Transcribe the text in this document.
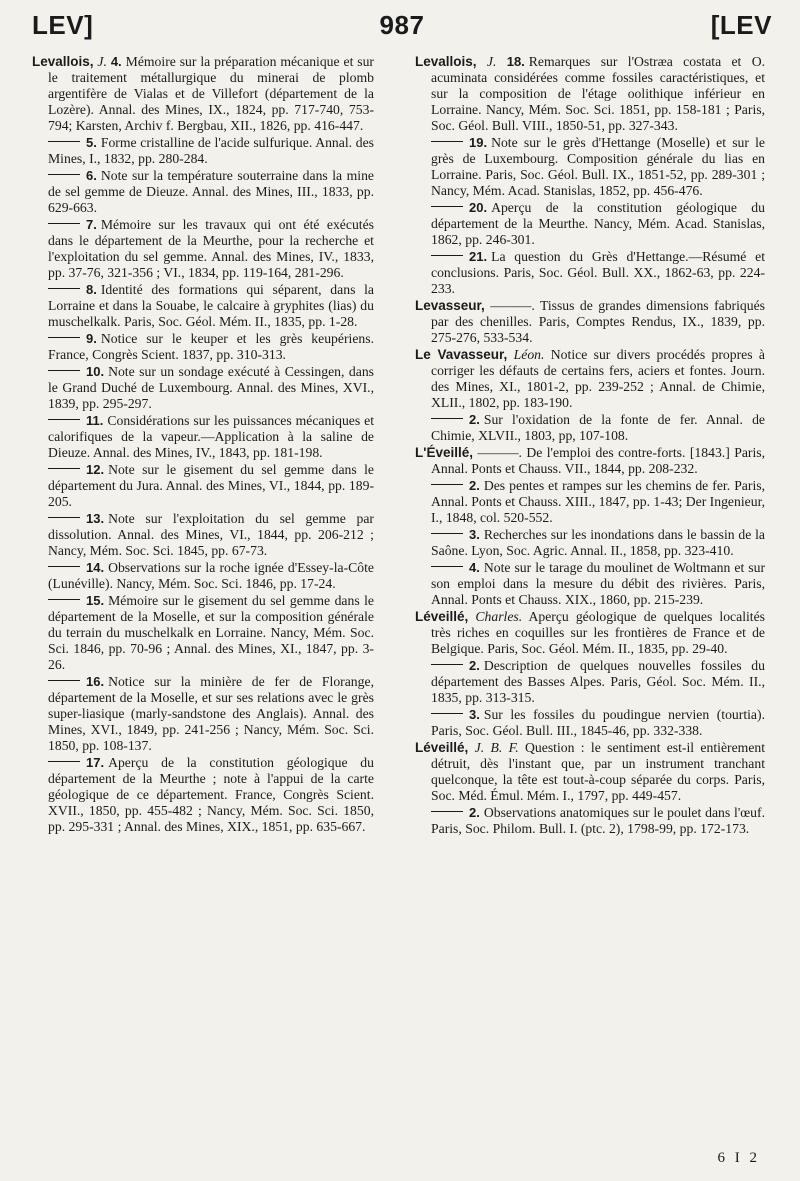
LEV]	987	[LEV

Levallois, J. 4. Mémoire sur la préparation mécanique et sur le traitement métallurgique du minerai de plomb argentifère de Vialas et de Villefort (département de la Lozère). Annal. des Mines, IX., 1824, pp. 717-740, 753-794; Karsten, Archiv f. Bergbau, XII., 1826, pp. 416-447.

5. Forme cristalline de l'acide sulfurique. Annal. des Mines, I., 1832, pp. 280-284.

6. Note sur la température souterraine dans la mine de sel gemme de Dieuze. Annal. des Mines, III., 1833, pp. 629-663.

7. Mémoire sur les travaux qui ont été exécutés dans le département de la Meurthe, pour la recherche et l'exploitation du sel gemme. Annal. des Mines, IV., 1833, pp. 37-76, 321-356 ; VI., 1834, pp. 119-164, 281-296.

8. Identité des formations qui séparent, dans la Lorraine et dans la Souabe, le calcaire à gryphites (lias) du muschelkalk. Paris, Soc. Géol. Mém. II., 1835, pp. 1-28.

9. Notice sur le keuper et les grès keupériens. France, Congrès Scient. 1837, pp. 310-313.

10. Note sur un sondage exécuté à Cessingen, dans le Grand Duché de Luxembourg. Annal. des Mines, XVI., 1839, pp. 295-297.

11. Considérations sur les puissances mécaniques et calorifiques de la vapeur.—Application à la saline de Dieuze. Annal. des Mines, IV., 1843, pp. 181-198.

12. Note sur le gisement du sel gemme dans le département du Jura. Annal. des Mines, VI., 1844, pp. 189-205.

13. Note sur l'exploitation du sel gemme par dissolution. Annal. des Mines, VI., 1844, pp. 206-212 ; Nancy, Mém. Soc. Sci. 1845, pp. 67-73.

14. Observations sur la roche ignée d'Essey-la-Côte (Lunéville). Nancy, Mém. Soc. Sci. 1846, pp. 17-24.

15. Mémoire sur le gisement du sel gemme dans le département de la Moselle, et sur la composition générale du terrain du muschelkalk en Lorraine. Nancy, Mém. Soc. Sci. 1846, pp. 70-96 ; Annal. des Mines, XI., 1847, pp. 3-26.

16. Notice sur la minière de fer de Florange, département de la Moselle, et sur ses relations avec le grès super-liasique (marly-sandstone des Anglais). Annal. des Mines, XVI., 1849, pp. 241-256 ; Nancy, Mém. Soc. Sci. 1850, pp. 108-137.

17. Aperçu de la constitution géologique du département de la Meurthe ; note à l'appui de la carte géologique de ce département. France, Congrès Scient. XVII., 1850, pp. 455-482 ; Nancy, Mém. Soc. Sci. 1850, pp. 295-331 ; Annal. des Mines, XIX., 1851, pp. 635-667.

Levallois, J. 18. Remarques sur l'Ostræa costata et O. acuminata considérées comme fossiles caractéristiques, et sur la composition de l'étage oolithique inférieur en Lorraine. Nancy, Mém. Soc. Sci. 1851, pp. 158-181 ; Paris, Soc. Géol. Bull. VIII., 1850-51, pp. 327-343.

19. Note sur le grès d'Hettange (Moselle) et sur le grès de Luxembourg. Composition générale du lias en Lorraine. Paris, Soc. Géol. Bull. IX., 1851-52, pp. 289-301 ; Nancy, Mém. Acad. Stanislas, 1852, pp. 456-476.

20. Aperçu de la constitution géologique du département de la Meurthe. Nancy, Mém. Acad. Stanislas, 1862, pp. 246-301.

21. La question du Grès d'Hettange.—Résumé et conclusions. Paris, Soc. Géol. Bull. XX., 1862-63, pp. 224-233.

Levasseur, ———. Tissus de grandes dimensions fabriqués par des chenilles. Paris, Comptes Rendus, IX., 1839, pp. 275-276, 533-534.

Le Vavasseur, Léon. Notice sur divers procédés propres à corriger les défauts de certains fers, aciers et fontes. Journ. des Mines, XI., 1801-2, pp. 239-252 ; Annal. de Chimie, XLII., 1802, pp. 183-190.

2. Sur l'oxidation de la fonte de fer. Annal. de Chimie, XLVII., 1803, pp, 107-108.

L'Éveillé, ———. De l'emploi des contre-forts. [1843.] Paris, Annal. Ponts et Chauss. VII., 1844, pp. 208-232.

2. Des pentes et rampes sur les chemins de fer. Paris, Annal. Ponts et Chauss. XIII., 1847, pp. 1-43; Der Ingenieur, I., 1848, col. 520-552.

3. Recherches sur les inondations dans le bassin de la Saône. Lyon, Soc. Agric. Annal. II., 1858, pp. 323-410.

4. Note sur le tarage du moulinet de Woltmann et sur son emploi dans la mesure du débit des rivières. Paris, Annal. Ponts et Chauss. XIX., 1860, pp. 215-239.

Léveillé, Charles. Aperçu géologique de quelques localités très riches en coquilles sur les frontières de France et de Belgique. Paris, Soc. Géol. Mém. II., 1835, pp. 29-40.

2. Description de quelques nouvelles fossiles du département des Basses Alpes. Paris, Géol. Soc. Mém. II., 1835, pp. 313-315.

3. Sur les fossiles du poudingue nervien (tourtia). Paris, Soc. Géol. Bull. III., 1845-46, pp. 332-338.

Léveillé, J. B. F. Question : le sentiment est-il entièrement détruit, dès l'instant que, par un instrument tranchant quelconque, la tête est tout-à-coup séparée du corps. Paris, Soc. Méd. Émul. Mém. I., 1797, pp. 449-457.

2. Observations anatomiques sur le poulet dans l'œuf. Paris, Soc. Philom. Bull. I. (ptc. 2), 1798-99, pp. 172-173.

6 I 2
